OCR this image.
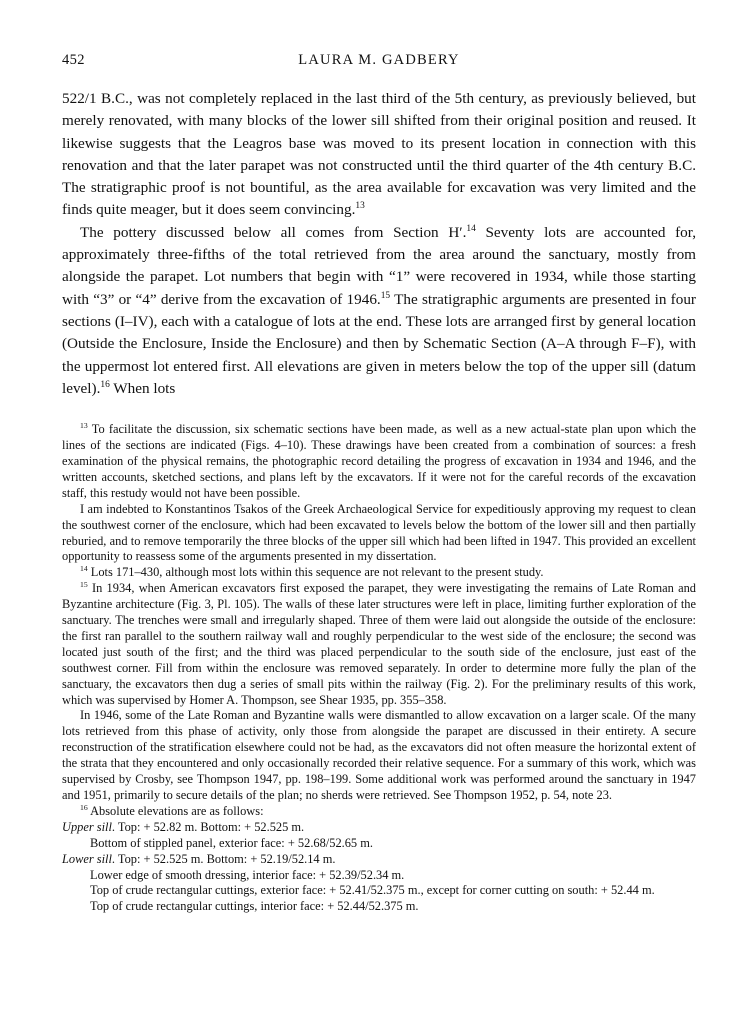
452	LAURA M. GADBERY

522/1 B.C., was not completely replaced in the last third of the 5th century, as previously believed, but merely renovated, with many blocks of the lower sill shifted from their original position and reused. It likewise suggests that the Leagros base was moved to its present location in connection with this renovation and that the later parapet was not constructed until the third quarter of the 4th century B.C. The stratigraphic proof is not bountiful, as the area available for excavation was very limited and the finds quite meager, but it does seem convincing.$^{13}$

The pottery discussed below all comes from Section H′.$^{14}$ Seventy lots are accounted for, approximately three-fifths of the total retrieved from the area around the sanctuary, mostly from alongside the parapet. Lot numbers that begin with “1” were recovered in 1934, while those starting with “3” or “4” derive from the excavation of 1946.15 The stratigraphic arguments are presented in four sections (I–IV), each with a catalogue of lots at the end. These lots are arranged first by general location (Outside the Enclosure, Inside the Enclosure) and then by Schematic Section (A–A through F–F), with the uppermost lot entered first. All elevations are given in meters below the top of the upper sill (datum level).$^{16}$ When lots

$^{13}$ To facilitate the discussion, six schematic sections have been made, as well as a new actual-state plan upon which the lines of the sections are indicated (Figs. 4–10). These drawings have been created from a combination of sources: a fresh examination of the physical remains, the photographic record detailing the progress of excavation in 1934 and 1946, and the written accounts, sketched sections, and plans left by the excavators. If it were not for the careful records of the excavation staff, this restudy would not have been possible.

I am indebted to Konstantinos Tsakos of the Greek Archaeological Service for expeditiously approving my request to clean the southwest corner of the enclosure, which had been excavated to levels below the bottom of the lower sill and then partially reburied, and to remove temporarily the three blocks of the upper sill which had been lifted in 1947. This provided an excellent opportunity to reassess some of the arguments presented in my dissertation.

$^{14}$ Lots 171–430, although most lots within this sequence are not relevant to the present study.

$^{15}$ In 1934, when American excavators first exposed the parapet, they were investigating the remains of Late Roman and Byzantine architecture (Fig. 3, Pl. 105). The walls of these later structures were left in place, limiting further exploration of the sanctuary. The trenches were small and irregularly shaped. Three of them were laid out alongside the outside of the enclosure: the first ran parallel to the southern railway wall and roughly perpendicular to the west side of the enclosure; the second was located just south of the first; and the third was placed perpendicular to the south side of the enclosure, just east of the southwest corner. Fill from within the enclosure was removed separately. In order to determine more fully the plan of the sanctuary, the excavators then dug a series of small pits within the railway (Fig. 2). For the preliminary results of this work, which was supervised by Homer A. Thompson, see Shear 1935, pp. 355–358.

In 1946, some of the Late Roman and Byzantine walls were dismantled to allow excavation on a larger scale. Of the many lots retrieved from this phase of activity, only those from alongside the parapet are discussed in their entirety. A secure reconstruction of the stratification elsewhere could not be had, as the excavators did not often measure the horizontal extent of the strata that they encountered and only occasionally recorded their relative sequence. For a summary of this work, which was supervised by Crosby, see Thompson 1947, pp. 198–199. Some additional work was performed around the sanctuary in 1947 and 1951, primarily to secure details of the plan; no sherds were retrieved. See Thompson 1952, p. 54, note 23.

$^{16}$ Absolute elevations are as follows:

Upper sill. Top: + 52.82 m. Bottom: + 52.525 m.

Bottom of stippled panel, exterior face: + 52.68/52.65 m.

Lower sill. Top: + 52.525 m. Bottom: + 52.19/52.14 m.

Lower edge of smooth dressing, interior face: + 52.39/52.34 m.

Top of crude rectangular cuttings, exterior face: + 52.41/52.375 m., except for corner cutting on south: + 52.44 m.

Top of crude rectangular cuttings, interior face: + 52.44/52.375 m.
